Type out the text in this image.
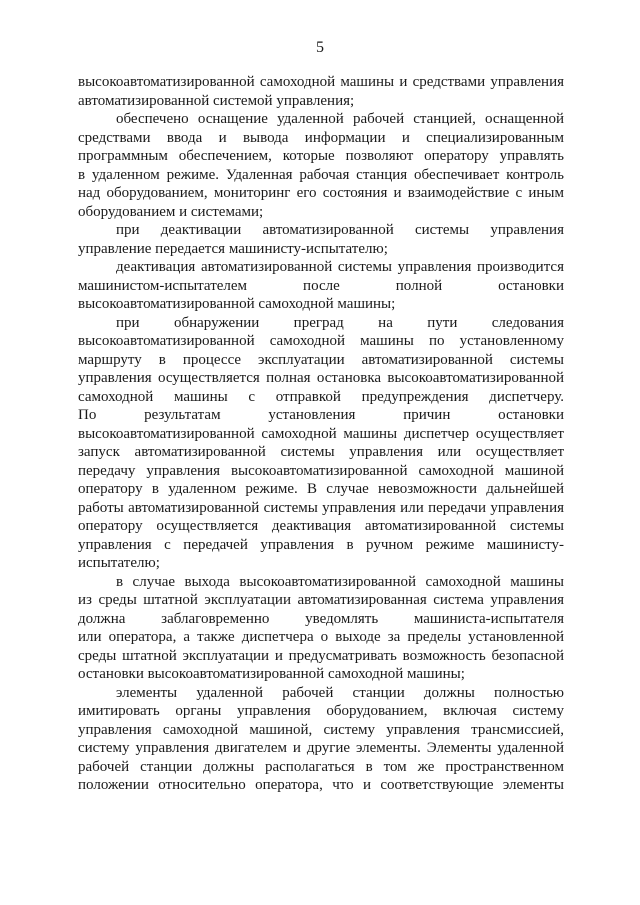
5
высокоавтоматизированной самоходной машины и средствами управления
автоматизированной системой управления;
обеспечено оснащение удаленной рабочей станцией, оснащенной
средствами ввода и вывода информации и специализированным
программным обеспечением, которые позволяют оператору управлять
в удаленном режиме. Удаленная рабочая станция обеспечивает контроль
над оборудованием, мониторинг его состояния и взаимодействие с иным
оборудованием и системами;
при деактивации автоматизированной системы управления
управление передается машинисту-испытателю;
деактивация автоматизированной системы управления производится
машинистом-испытателем после полной остановки
высокоавтоматизированной самоходной машины;
при обнаружении преград на пути следования
высокоавтоматизированной самоходной машины по установленному
маршруту в процессе эксплуатации автоматизированной системы
управления осуществляется полная остановка высокоавтоматизированной
самоходной машины с отправкой предупреждения диспетчеру.
По результатам установления причин остановки
высокоавтоматизированной самоходной машины диспетчер осуществляет
запуск автоматизированной системы управления или осуществляет
передачу управления высокоавтоматизированной самоходной машиной
оператору в удаленном режиме. В случае невозможности дальнейшей
работы автоматизированной системы управления или передачи управления
оператору осуществляется деактивация автоматизированной системы
управления с передачей управления в ручном режиме машинисту-
испытателю;
в случае выхода высокоавтоматизированной самоходной машины
из среды штатной эксплуатации автоматизированная система управления
должна заблаговременно уведомлять машиниста-испытателя
или оператора, а также диспетчера о выходе за пределы установленной
среды штатной эксплуатации и предусматривать возможность безопасной
остановки высокоавтоматизированной самоходной машины;
элементы удаленной рабочей станции должны полностью
имитировать органы управления оборудованием, включая систему
управления самоходной машиной, систему управления трансмиссией,
систему управления двигателем и другие элементы. Элементы удаленной
рабочей станции должны располагаться в том же пространственном
положении относительно оператора, что и соответствующие элементы
